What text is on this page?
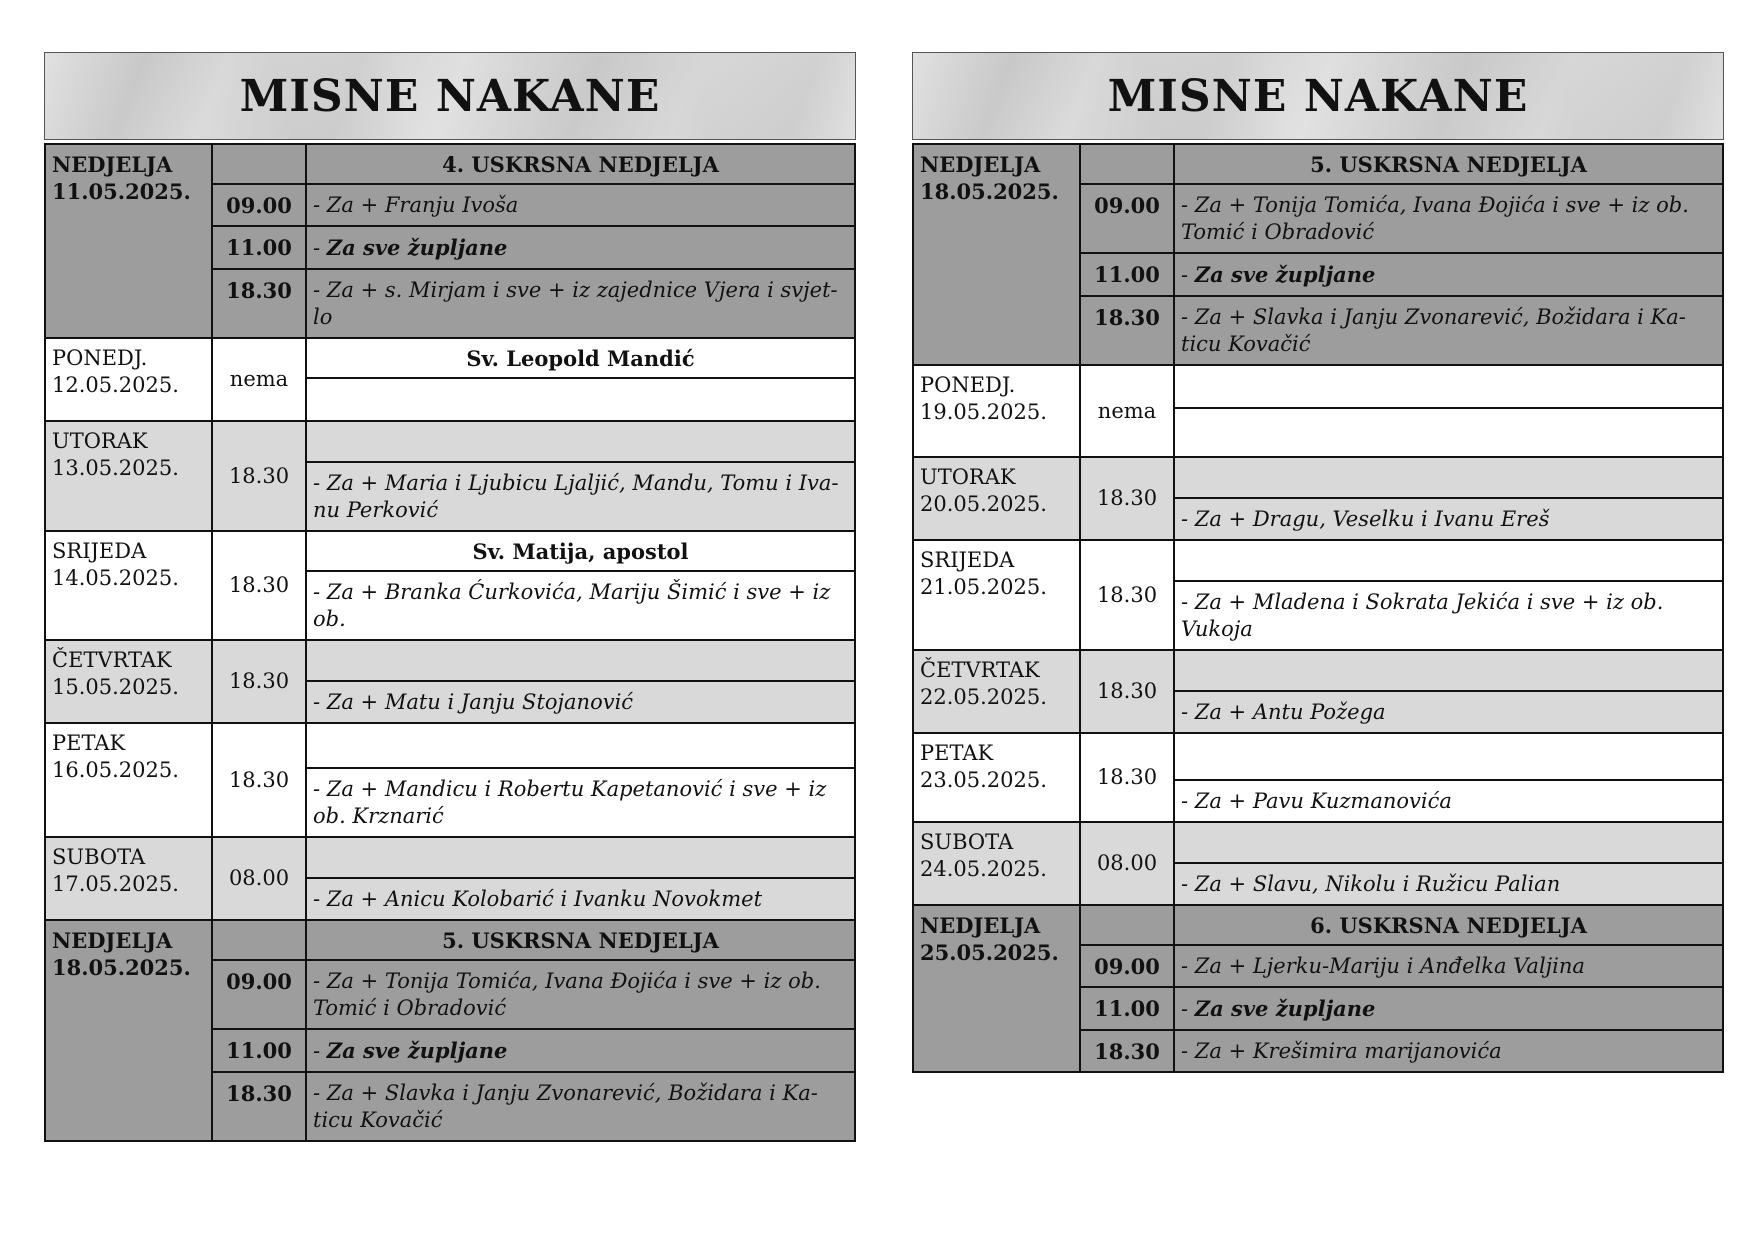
MISNE NAKANE
NEDJELJA
11.05.2025.		4. USKRSNA NEDJELJA
	09.00	- Za + Franju Ivoša
	11.00	- Za sve župljane
	18.30	- Za + s. Mirjam i sve + iz zajednice Vjera i svjet-lo

PONEDJ.
12.05.2025.	nema	Sv. Leopold Mandić

UTORAK
13.05.2025.	18.30	
		- Za + Maria i Ljubicu Ljaljić, Mandu, Tomu i Iva-nu Perković

SRIJEDA
14.05.2025.	18.30	Sv. Matija, apostol
		- Za + Branka Ćurkovića, Mariju Šimić i sve + iz ob.

ČETVRTAK
15.05.2025.	18.30	
		- Za + Matu i Janju Stojanović

PETAK
16.05.2025.	18.30	
		- Za + Mandicu i Robertu Kapetanović i sve + iz ob. Krznarić

SUBOTA
17.05.2025.	08.00	
		- Za + Anicu Kolobarić i Ivanku Novokmet

NEDJELJA
18.05.2025.		5. USKRSNA NEDJELJA
	09.00	- Za + Tonija Tomića, Ivana Đojića i sve + iz ob. Tomić i Obradović
	11.00	- Za sve župljane
	18.30	- Za + Slavka i Janju Zvonarević, Božidara i Ka-ticu Kovačić
MISNE NAKANE
NEDJELJA
18.05.2025.		5. USKRSNA NEDJELJA
	09.00	- Za + Tonija Tomića, Ivana Đojića i sve + iz ob. Tomić i Obradović
	11.00	- Za sve župljane
	18.30	- Za + Slavka i Janju Zvonarević, Božidara i Ka-ticu Kovačić

PONEDJ.
19.05.2025.	nema	

UTORAK
20.05.2025.	18.30	
		- Za + Dragu, Veselku i Ivanu Ereš

SRIJEDA
21.05.2025.	18.30	
		- Za + Mladena i Sokrata Jekića i sve + iz ob. Vukoja

ČETVRTAK
22.05.2025.	18.30	
		- Za + Antu Požega

PETAK
23.05.2025.	18.30	
		- Za + Pavu Kuzmanovića

SUBOTA
24.05.2025.	08.00	
		- Za + Slavu, Nikolu i Ružicu Palian

NEDJELJA
25.05.2025.		6. USKRSNA NEDJELJA
	09.00	- Za + Ljerku-Mariju i Anđelka Valjina
	11.00	- Za sve župljane
	18.30	- Za + Krešimira marijanovića
